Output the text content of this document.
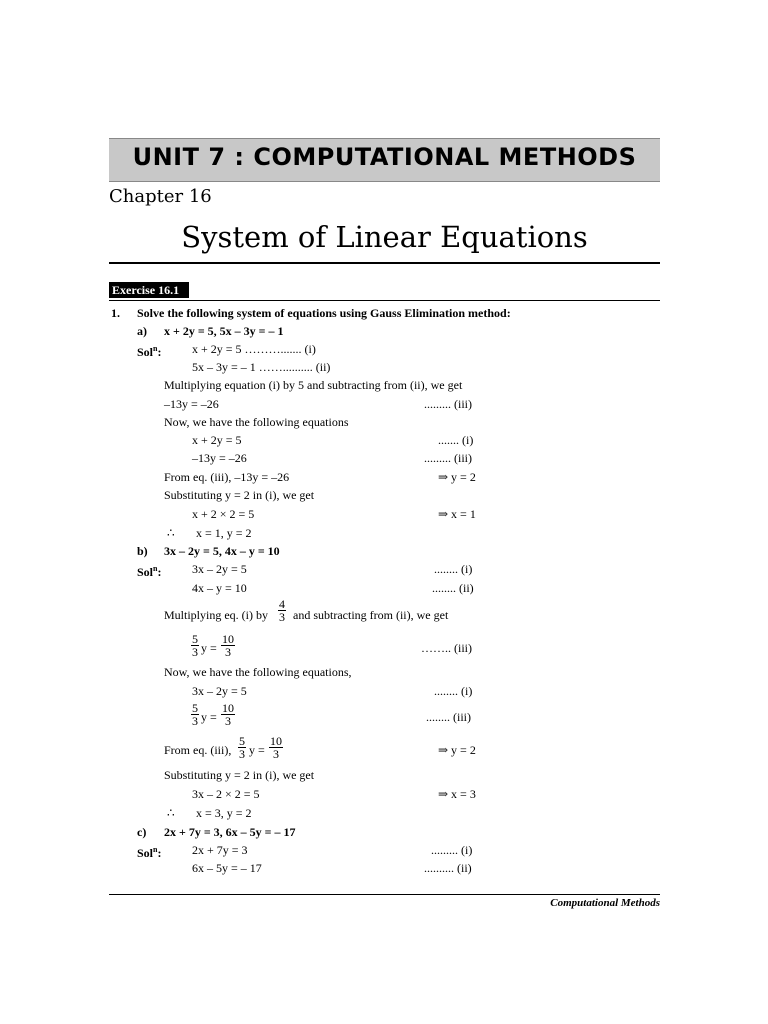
UNIT 7 : COMPUTATIONAL METHODS
Chapter 16
System of Linear Equations
Exercise 16.1
1. Solve the following system of equations using Gauss Elimination method:
a) x + 2y = 5, 5x – 3y = – 1
Sol$^n$:	x + 2y = 5 ………....... (i)
5x – 3y = – 1 …….......... (ii)
Multiplying equation (i) by 5 and subtracting from (ii), we get
–13y = –26	......... (iii)
Now, we have the following equations
x + 2y = 5	....... (i)
–13y = –26	......... (iii)
From eq. (iii), –13y = –26	⇒ y = 2
Substituting y = 2 in (i), we get
x + 2 × 2 = 5	⇒ x = 1
∴ x = 1, y = 2
b) 3x – 2y = 5, 4x – y = 10
Sol$^n$:	3x – 2y = 5	........ (i)
4x – y = 10	........ (ii)
Multiplying eq. (i) by $\frac{4}{3}$ and subtracting from (ii), we get
$\frac{5}{3}$ $y = \frac{10}{3}$	…….. (iii)
Now, we have the following equations,
3x – 2y = 5	........ (i)
$\frac{5}{3}$ $y = \frac{10}{3}$	........ (iii)
From eq. (iii), $\frac{5}{3}$ $y = \frac{10}{3}$	⇒ y = 2
Substituting y = 2 in (i), we get
3x – 2 × 2 = 5	⇒ x = 3
∴ x = 3, y = 2
c) 2x + 7y = 3, 6x – 5y = – 17
Sol$^n$:	2x + 7y = 3	......... (i)
6x – 5y = – 17	.......... (ii)
Computational Methods
